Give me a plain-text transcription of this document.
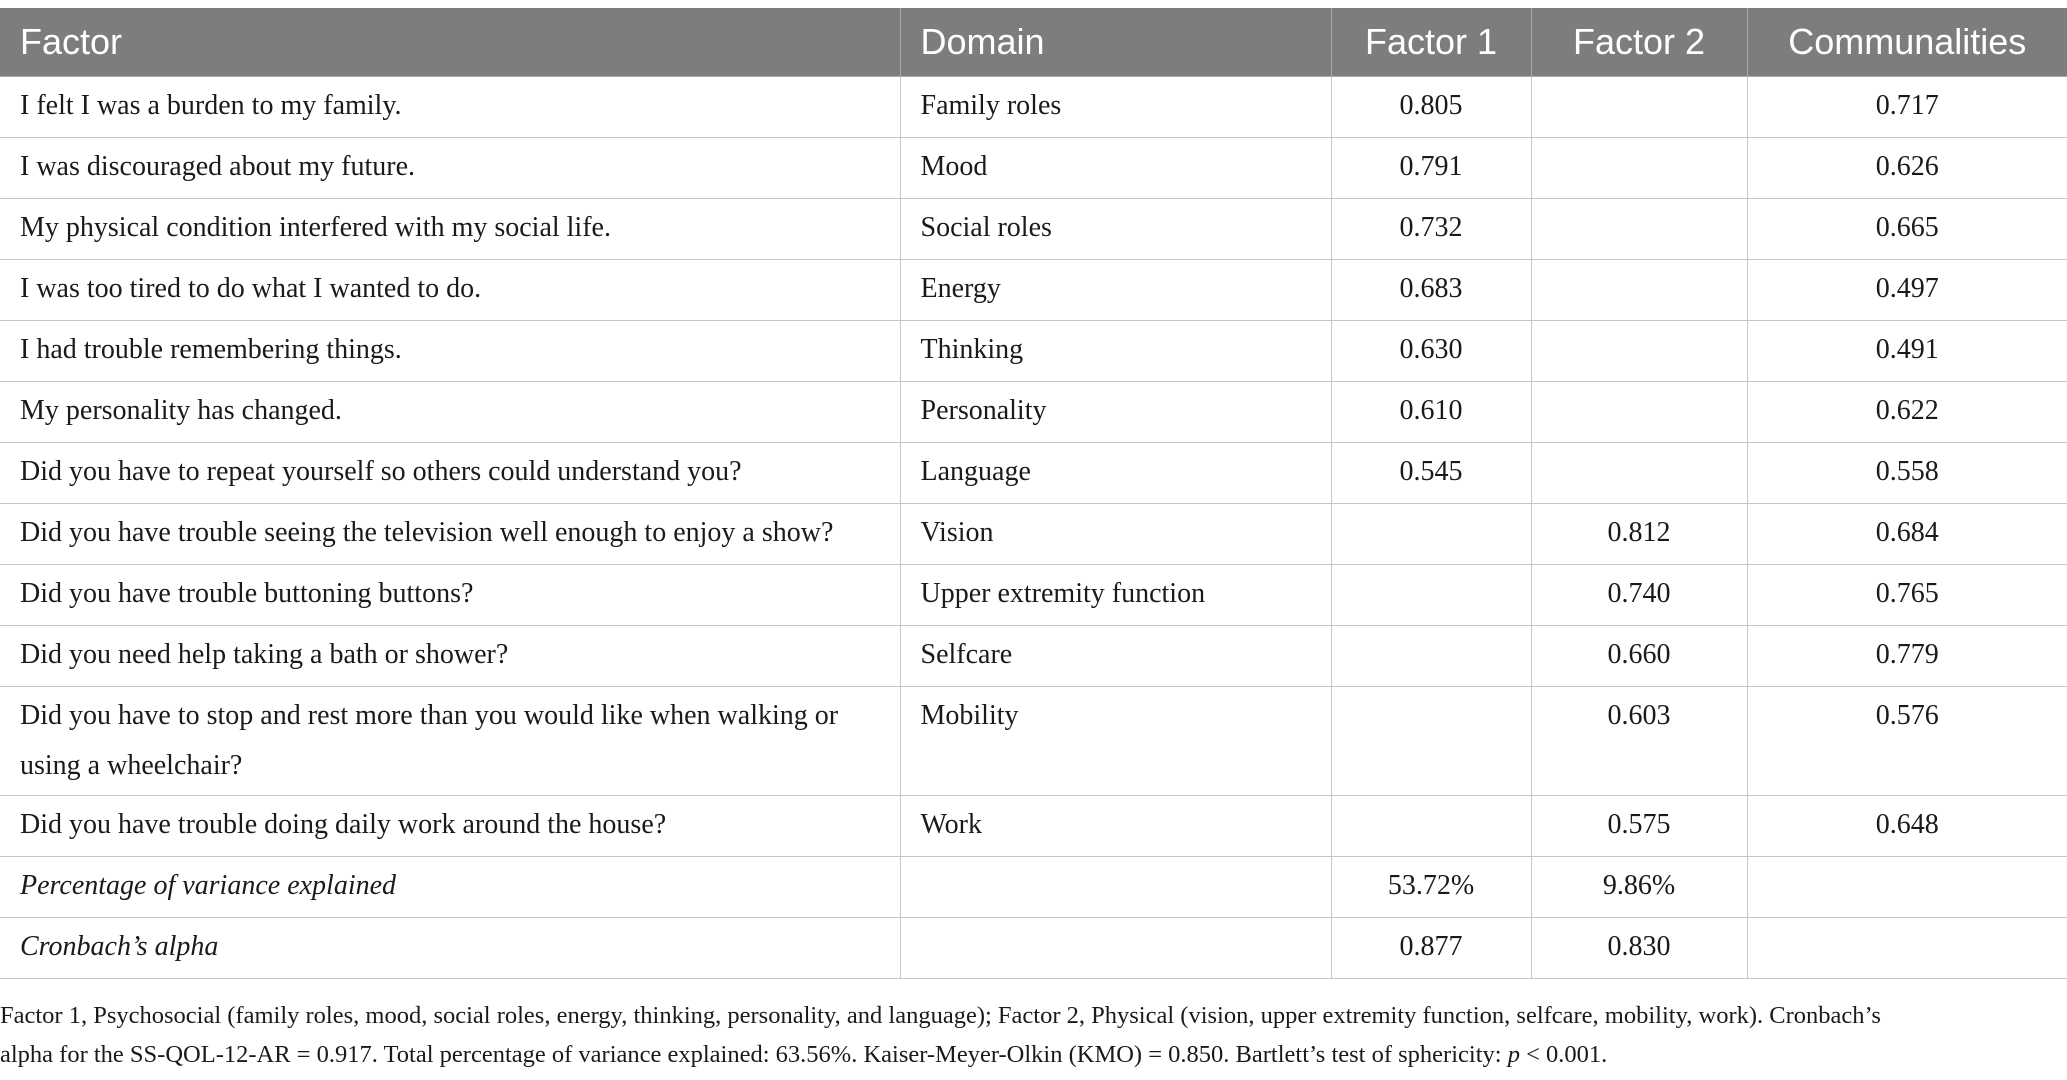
Factor	Domain	Factor 1	Factor 2	Communalities
I felt I was a burden to my family.	Family roles	0.805		0.717
I was discouraged about my future.	Mood	0.791		0.626
My physical condition interfered with my social life.	Social roles	0.732		0.665
I was too tired to do what I wanted to do.	Energy	0.683		0.497
I had trouble remembering things.	Thinking	0.630		0.491
My personality has changed.	Personality	0.610		0.622
Did you have to repeat yourself so others could understand you?	Language	0.545		0.558
Did you have trouble seeing the television well enough to enjoy a show?	Vision		0.812	0.684
Did you have trouble buttoning buttons?	Upper extremity function		0.740	0.765
Did you need help taking a bath or shower?	Selfcare		0.660	0.779
Did you have to stop and rest more than you would like when walking or using a wheelchair?	Mobility		0.603	0.576
Did you have trouble doing daily work around the house?	Work		0.575	0.648
Percentage of variance explained		53.72%	9.86%	
Cronbach’s alpha		0.877	0.830	
Factor 1, Psychosocial (family roles, mood, social roles, energy, thinking, personality, and language); Factor 2, Physical (vision, upper extremity function, selfcare, mobility, work). Cronbach’s
alpha for the SS-QOL-12-AR = 0.917. Total percentage of variance explained: 63.56%. Kaiser-Meyer-Olkin (KMO) = 0.850. Bartlett’s test of sphericity: p < 0.001.
